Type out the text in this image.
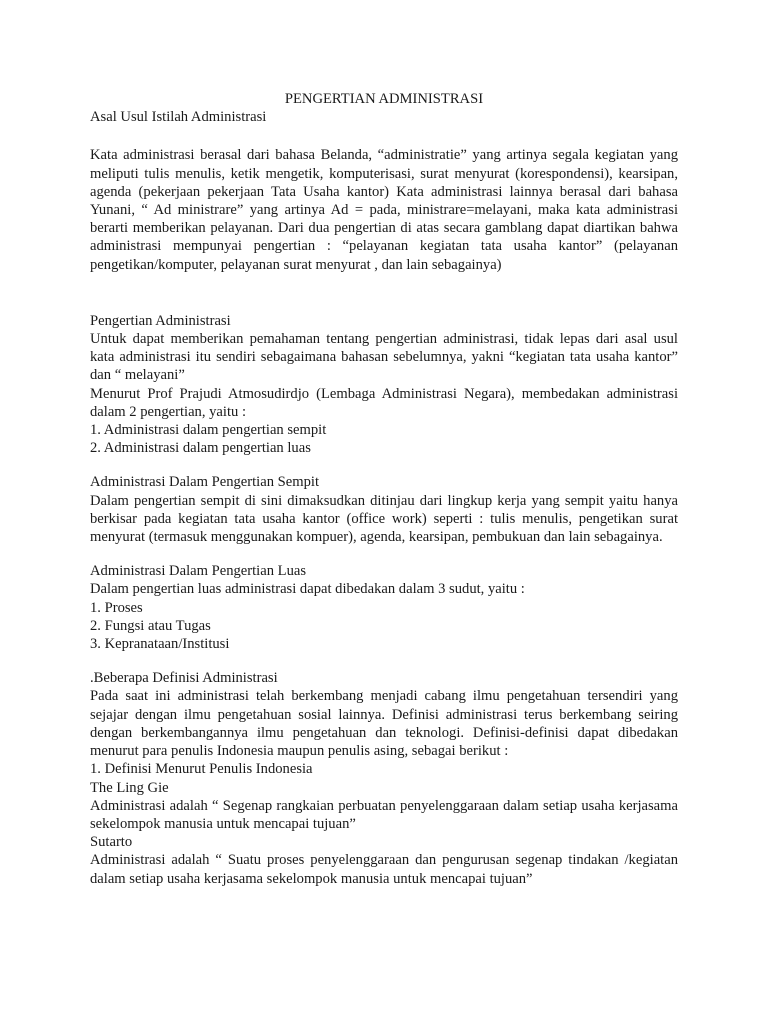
PENGERTIAN ADMINISTRASI

Asal Usul Istilah Administrasi

Kata administrasi berasal dari bahasa Belanda, “administratie” yang artinya segala kegiatan yang meliputi tulis menulis, ketik mengetik, komputerisasi, surat menyurat (korespondensi), kearsipan, agenda (pekerjaan pekerjaan Tata Usaha kantor) Kata administrasi lainnya berasal dari bahasa Yunani, “ Ad ministrare” yang artinya Ad = pada, ministrare=melayani, maka kata administrasi berarti memberikan pelayanan. Dari dua pengertian di atas secara gamblang dapat diartikan bahwa administrasi mempunyai pengertian : “pelayanan kegiatan tata usaha kantor” (pelayanan pengetikan/komputer, pelayanan surat menyurat , dan lain sebagainya)

Pengertian Administrasi

Untuk dapat memberikan pemahaman tentang pengertian administrasi, tidak lepas dari asal usul kata administrasi itu sendiri sebagaimana bahasan sebelumnya, yakni “kegiatan tata usaha kantor” dan “ melayani”

Menurut Prof Prajudi Atmosudirdjo (Lembaga Administrasi Negara), membedakan administrasi dalam 2 pengertian, yaitu :

1. Administrasi dalam pengertian sempit

2. Administrasi dalam pengertian luas

Administrasi Dalam Pengertian Sempit

Dalam pengertian sempit di sini dimaksudkan ditinjau dari lingkup kerja yang sempit yaitu hanya berkisar pada kegiatan tata usaha kantor (office work) seperti : tulis menulis, pengetikan surat menyurat (termasuk menggunakan kompuer), agenda, kearsipan, pembukuan dan lain sebagainya.

Administrasi Dalam Pengertian Luas

Dalam pengertian luas administrasi dapat dibedakan dalam 3 sudut, yaitu :

1. Proses

2. Fungsi atau Tugas

3. Kepranataan/Institusi

.Beberapa Definisi Administrasi

Pada saat ini administrasi telah berkembang menjadi cabang ilmu pengetahuan tersendiri yang sejajar dengan ilmu pengetahuan sosial lainnya. Definisi administrasi terus berkembang seiring dengan berkembangannya ilmu pengetahuan dan teknologi. Definisi-definisi dapat dibedakan menurut para penulis Indonesia maupun penulis asing, sebagai berikut :

1. Definisi Menurut Penulis Indonesia

The Ling Gie

Administrasi adalah “ Segenap rangkaian perbuatan penyelenggaraan dalam setiap usaha kerjasama sekelompok manusia untuk mencapai tujuan”

Sutarto

Administrasi adalah “ Suatu proses penyelenggaraan dan pengurusan segenap tindakan /kegiatan dalam setiap usaha kerjasama sekelompok manusia untuk mencapai tujuan”
